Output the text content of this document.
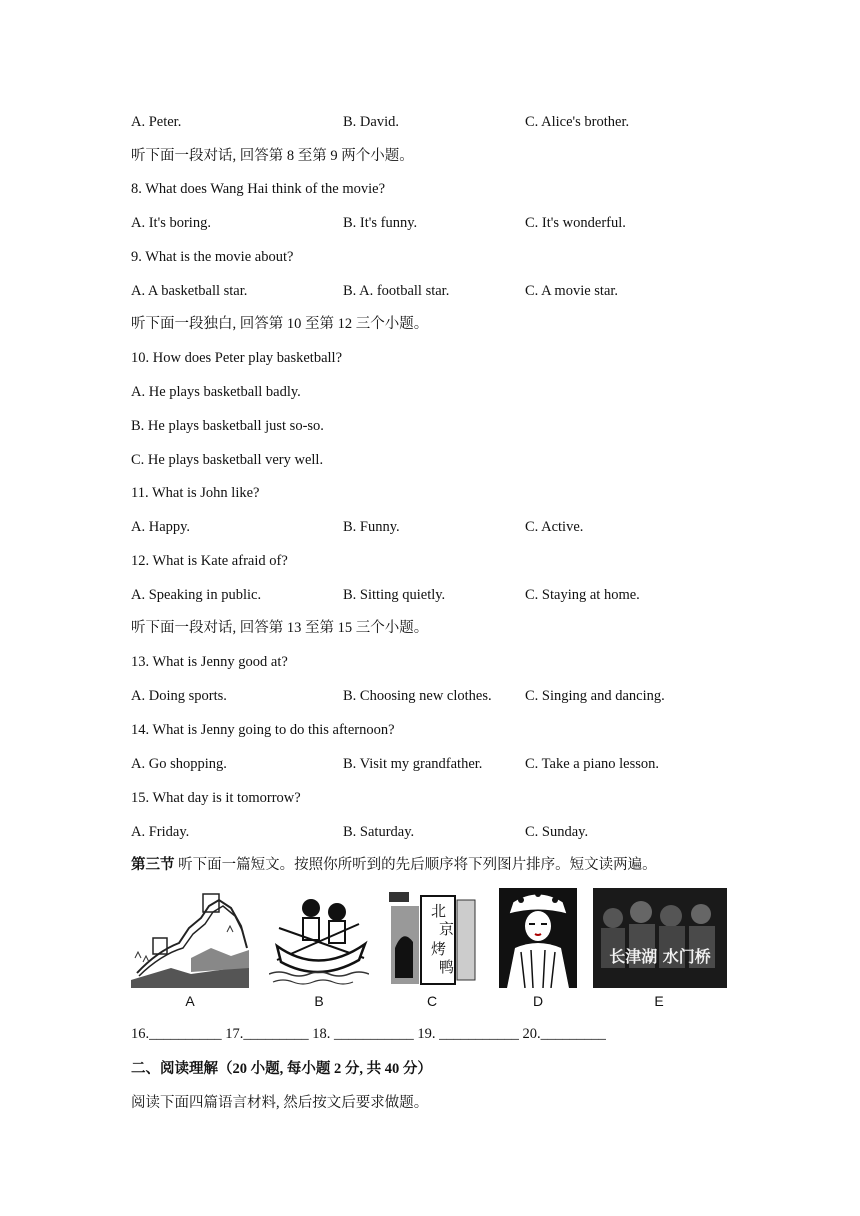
A. Peter.	B. David.	C. Alice's brother.
听下面一段对话, 回答第 8 至第 9 两个小题。
8. What does Wang Hai think of the movie?
A. It's boring.	B. It's funny.	C. It's wonderful.
9. What is the movie about?
A. A basketball star.	B. A. football star.	C. A movie star.
听下面一段独白, 回答第 10 至第 12 三个小题。
10. How does Peter play basketball?
A. He plays basketball badly.
B. He plays basketball just so-so.
C. He plays basketball very well.
11. What is John like?
A. Happy.	B. Funny.	C. Active.
12. What is Kate afraid of?
A. Speaking in public.	B. Sitting quietly.	C. Staying at home.
听下面一段对话, 回答第 13 至第 15 三个小题。
13. What is Jenny good at?
A. Doing sports.	B. Choosing new clothes. C. Singing and dancing.
14. What is Jenny going to do this afternoon?
A. Go shopping.	B. Visit my grandfather.	C. Take a piano lesson.
15. What day is it tomorrow?
A. Friday.	B. Saturday.	C. Sunday.
第三节 听下面一篇短文。按照你所听到的先后顺序将下列图片排序。短文读两遍。
北
京
烤
鸭
长津湖 水门桥
A	B	C	D	E
16.__________ 17._________ 18. ___________ 19. ___________ 20._________
二、阅读理解（20 小题, 每小题 2 分, 共 40 分）
阅读下面四篇语言材料, 然后按文后要求做题。
